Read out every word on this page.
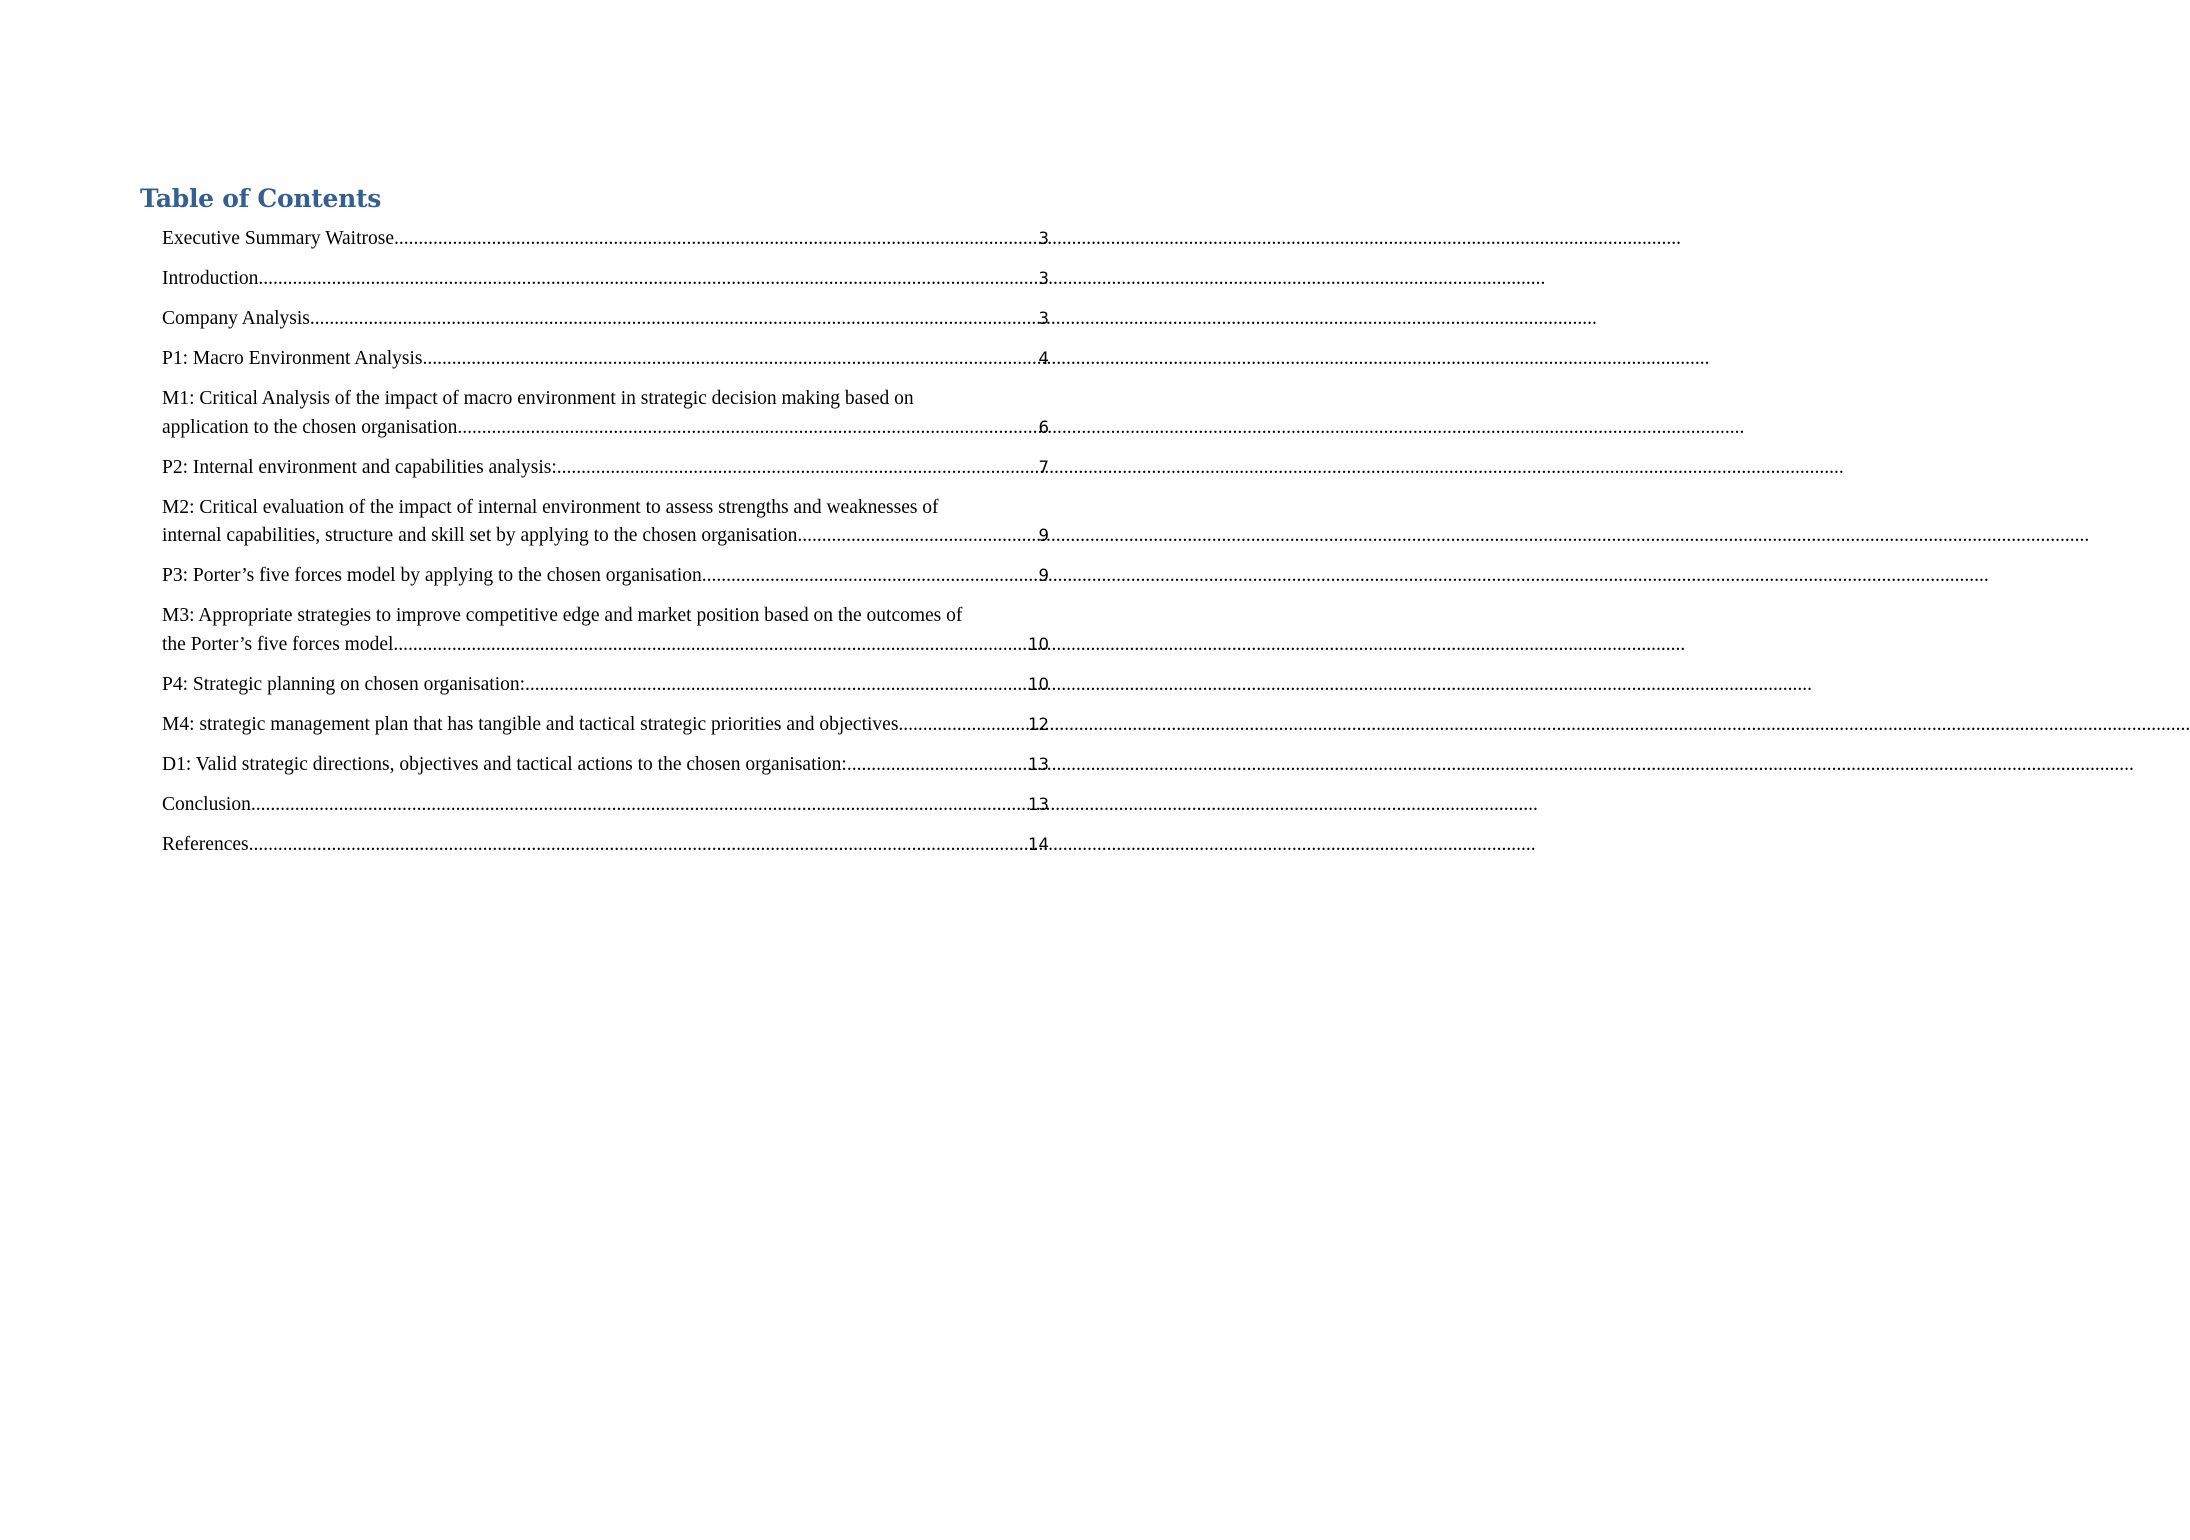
Table of Contents
Executive Summary Waitrose .....	3
Introduction .....	3
Company Analysis .....	3
P1: Macro Environment Analysis .....	4
M1: Critical Analysis of the impact of macro environment in strategic decision making based on
application to the chosen organisation .....	6
P2: Internal environment and capabilities analysis: .....	7
M2: Critical evaluation of the impact of internal environment to assess strengths and weaknesses of
internal capabilities, structure and skill set by applying to the chosen organisation. .....	9
P3: Porter’s five forces model by applying to the chosen organisation .....	9
M3: Appropriate strategies to improve competitive edge and market position based on the outcomes of
the Porter’s five forces model. .....	10
P4: Strategic planning on chosen organisation: .....	10
M4: strategic management plan that has tangible and tactical strategic priorities and objectives. .....	12
D1: Valid strategic directions, objectives and tactical actions to the chosen organisation: .....	13
Conclusion .....	13
References .....	14
